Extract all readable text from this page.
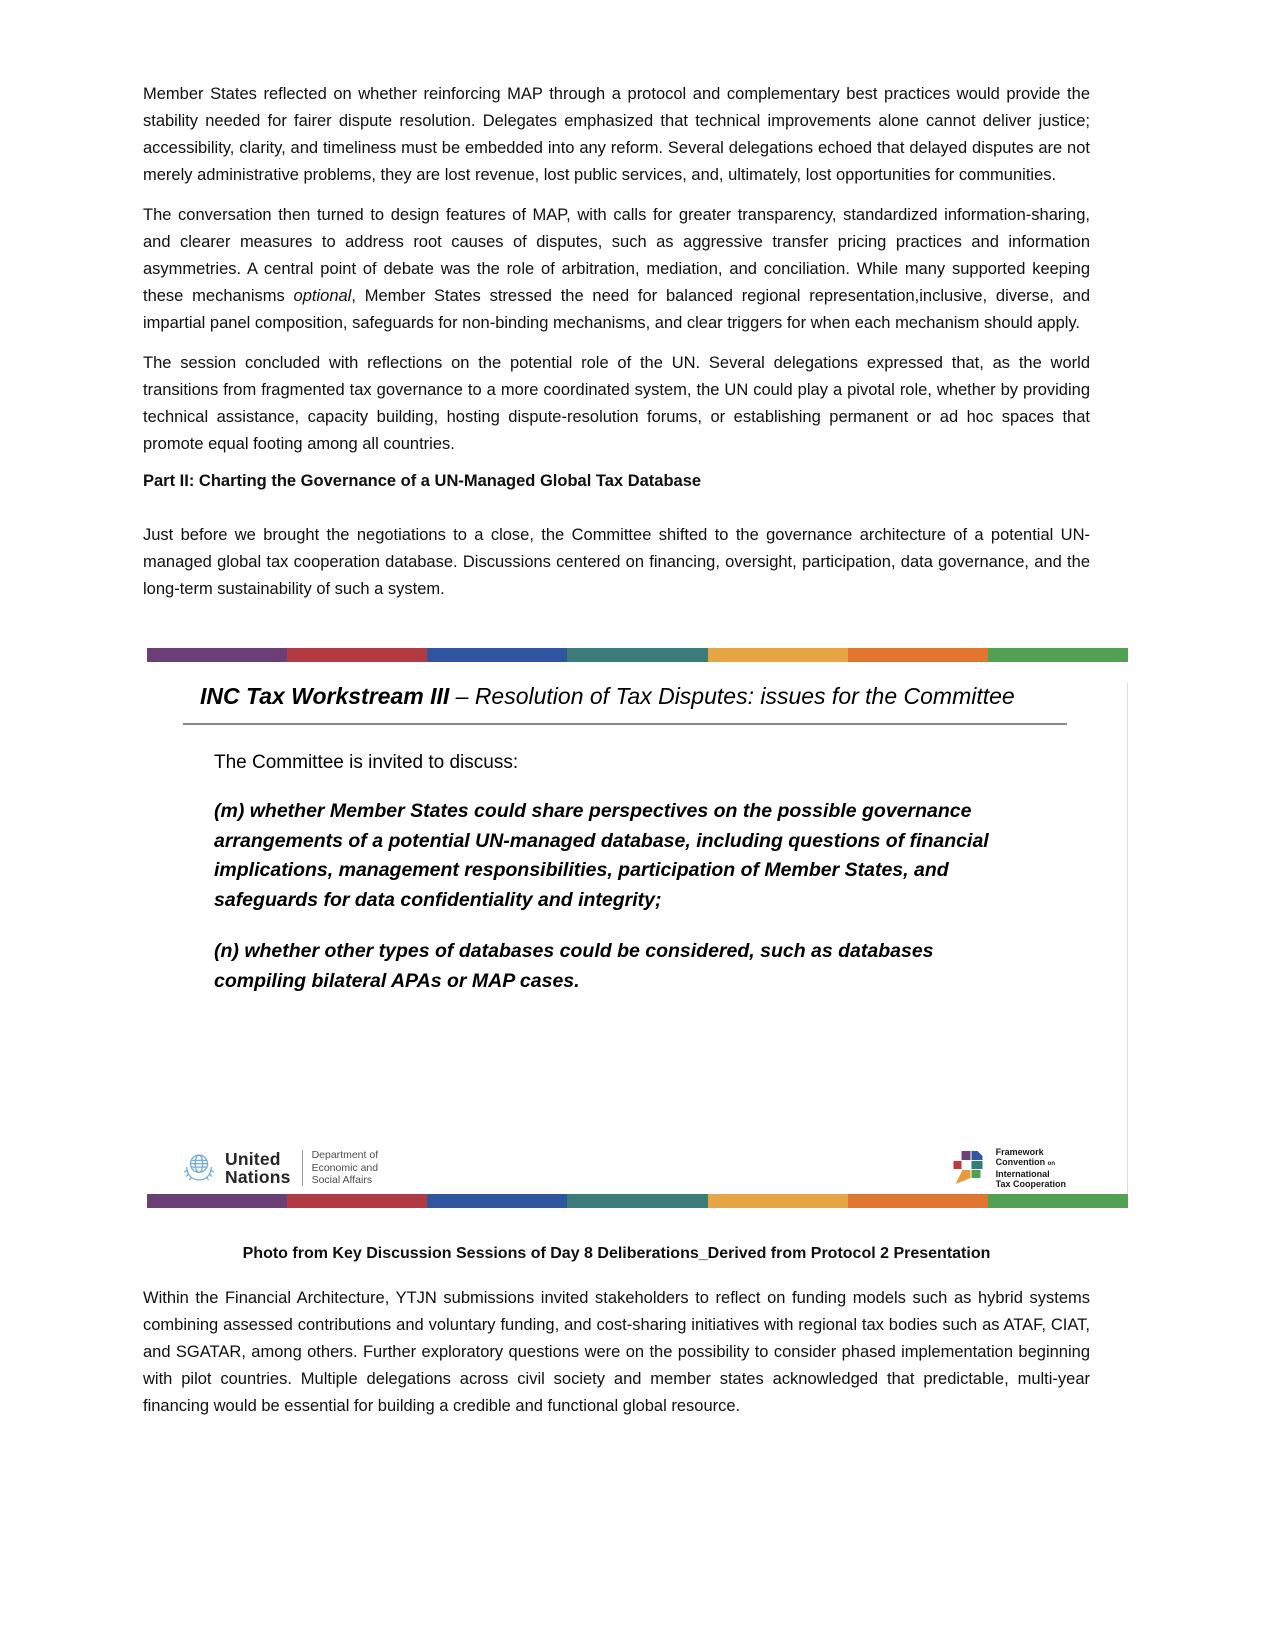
Member States reflected on whether reinforcing MAP through a protocol and complementary best practices would provide the stability needed for fairer dispute resolution. Delegates emphasized that technical improvements alone cannot deliver justice; accessibility, clarity, and timeliness must be embedded into any reform. Several delegations echoed that delayed disputes are not merely administrative problems, they are lost revenue, lost public services, and, ultimately, lost opportunities for communities.

The conversation then turned to design features of MAP, with calls for greater transparency, standardized information-sharing, and clearer measures to address root causes of disputes, such as aggressive transfer pricing practices and information asymmetries. A central point of debate was the role of arbitration, mediation, and conciliation. While many supported keeping these mechanisms optional, Member States stressed the need for balanced regional representation,inclusive, diverse, and impartial panel composition, safeguards for non-binding mechanisms, and clear triggers for when each mechanism should apply.

The session concluded with reflections on the potential role of the UN. Several delegations expressed that, as the world transitions from fragmented tax governance to a more coordinated system, the UN could play a pivotal role, whether by providing technical assistance, capacity building, hosting dispute-resolution forums, or establishing permanent or ad hoc spaces that promote equal footing among all countries.

Part II: Charting the Governance of a UN-Managed Global Tax Database

Just before we brought the negotiations to a close, the Committee shifted to the governance architecture of a potential UN-managed global tax cooperation database. Discussions centered on financing, oversight, participation, data governance, and the long-term sustainability of such a system.

INC Tax Workstream III – Resolution of Tax Disputes: issues for the Committee

The Committee is invited to discuss:

(m) whether Member States could share perspectives on the possible governance arrangements of a potential UN-managed database, including questions of financial implications, management responsibilities, participation of Member States, and safeguards for data confidentiality and integrity;

(n) whether other types of databases could be considered, such as databases compiling bilateral APAs or MAP cases.

United
Nations
Department of
Economic and
Social Affairs
Framework
Convention on
International
Tax Cooperation
Photo from Key Discussion Sessions of Day 8 Deliberations_Derived from Protocol 2 Presentation

Within the Financial Architecture, YTJN submissions invited stakeholders to reflect on funding models such as hybrid systems combining assessed contributions and voluntary funding, and cost-sharing initiatives with regional tax bodies such as ATAF, CIAT, and SGATAR, among others. Further exploratory questions were on the possibility to consider phased implementation beginning with pilot countries. Multiple delegations across civil society and member states acknowledged that predictable, multi-year financing would be essential for building a credible and functional global resource.
